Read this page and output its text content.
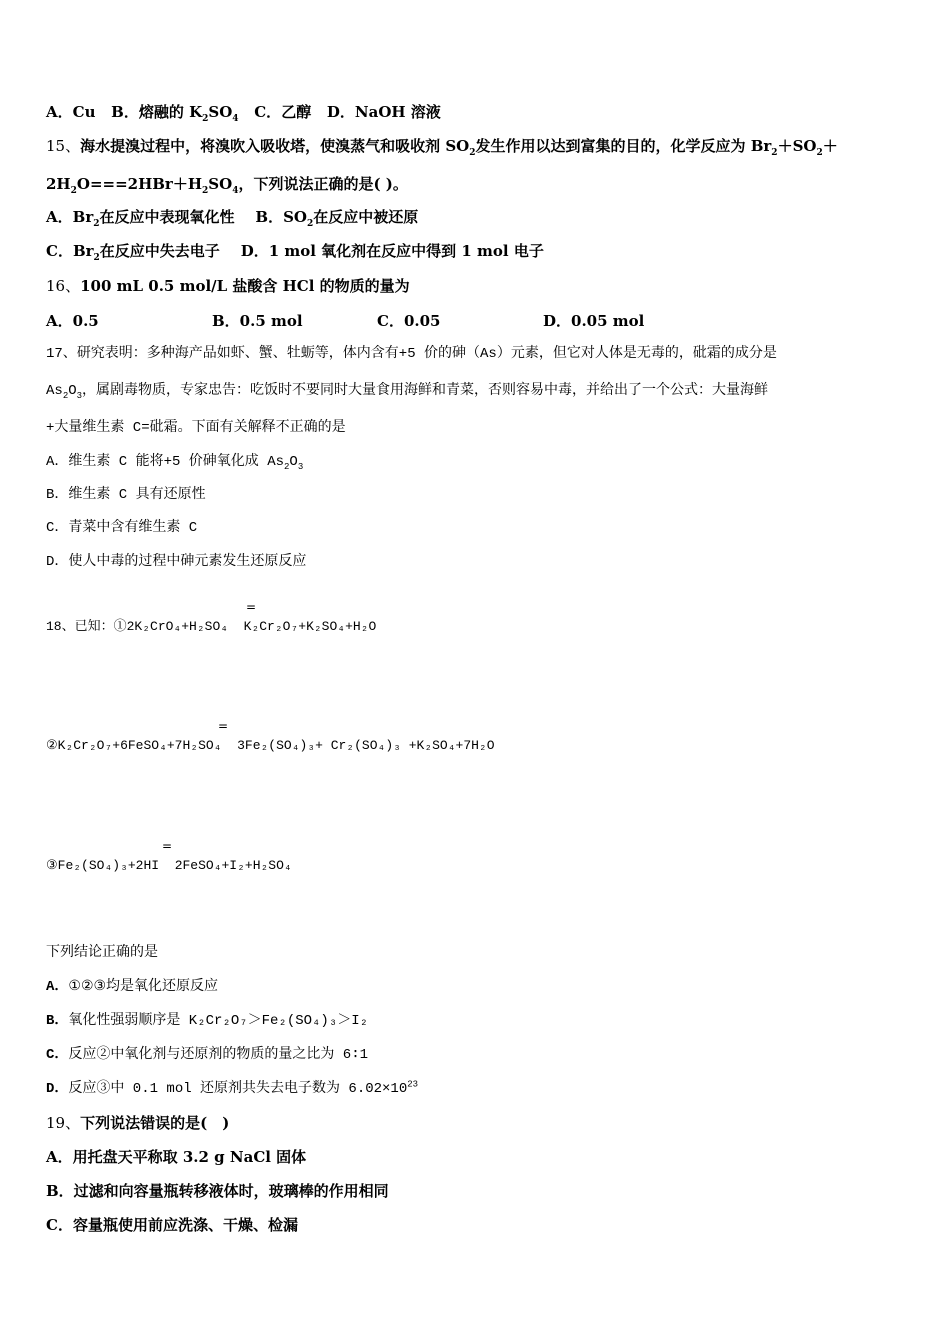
A．Cu B．熔融的 $K_2SO_4$ C．乙醇 D．NaOH 溶液
15、海水提溴过程中，将溴吹入吸收塔，使溴蒸气和吸收剂 $SO_2$发生作用以达到富集的目的，化学反应为 $Br_2+SO_2+$
$2H_2O===2HBr+H_2SO_4$，下列说法正确的是( )。
A．$Br_2$在反应中表现氧化性 B．$SO_2$在反应中被还原
C．$Br_2$在反应中失去电子 D．1 mol 氧化剂在反应中得到 1 mol 电子
16、100 mL 0.5 mol/L 盐酸含 HCl 的物质的量为
A．0.5	B．0.5 mol	C．0.05	D．0.05 mol
17、研究表明：多种海产品如虾、蟹、牡蛎等，体内含有+5 价的砷（As）元素，但它对人体是无毒的，砒霜的成分是
$As_2O_3$，属剧毒物质，专家忠告：吃饭时不要同时大量食用海鲜和青菜，否则容易中毒，并给出了一个公式：大量海鲜
+大量维生素 C=砒霜。下面有关解释不正确的是
A．维生素 C 能将+5 价砷氧化成 $As_2O_3$
B．维生素 C 具有还原性
C．青菜中含有维生素 C
D．使人中毒的过程中砷元素发生还原反应
=
18、已知：①2K₂CrO₄+H₂SO₄ K₂Cr₂O₇+K₂SO₄+H₂O
=
②K₂Cr₂O₇+6FeSO₄+7H₂SO₄ 3Fe₂(SO₄)₃+ Cr₂(SO₄)₃ +K₂SO₄+7H₂O
=
③Fe₂(SO₄)₃+2HI 2FeSO₄+I₂+H₂SO₄
下列结论正确的是
A．①②③均是氧化还原反应
B．氧化性强弱顺序是 K₂Cr₂O₇＞Fe₂(SO₄)₃＞I₂
C．反应②中氧化剂与还原剂的物质的量之比为 6∶1
D．反应③中 0.1 mol 还原剂共失去电子数为 $6.02\times 10^{23}$
19、下列说法错误的是(　)
A．用托盘天平称取 3.2 g NaCl 固体
B．过滤和向容量瓶转移液体时，玻璃棒的作用相同
C．容量瓶使用前应洗涤、干燥、检漏
